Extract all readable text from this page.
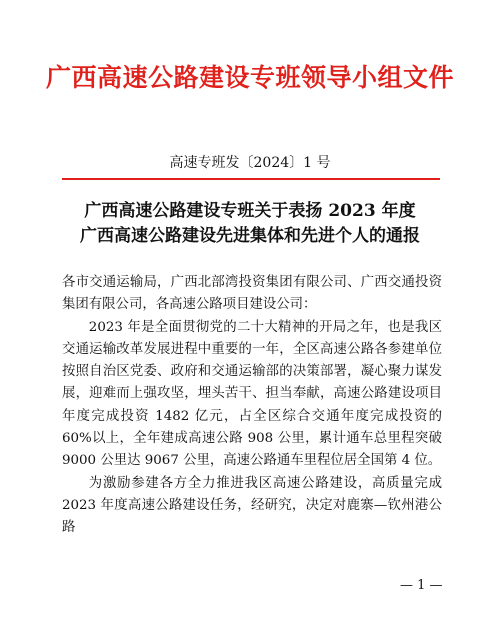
广西高速公路建设专班领导小组文件
高速专班发〔2024〕1 号
广西高速公路建设专班关于表扬 2023 年度
广西高速公路建设先进集体和先进个人的通报

各市交通运输局，广西北部湾投资集团有限公司、广西交通投资集团有限公司，各高速公路项目建设公司：

2023 年是全面贯彻党的二十大精神的开局之年，也是我区交通运输改革发展进程中重要的一年，全区高速公路各参建单位按照自治区党委、政府和交通运输部的决策部署，凝心聚力谋发展，迎难而上强攻坚，埋头苦干、担当奉献，高速公路建设项目年度完成投资 1482 亿元，占全区综合交通年度完成投资的 60%以上，全年建成高速公路 908 公里，累计通车总里程突破 9000 公里达 9067 公里，高速公路通车里程位居全国第 4 位。

为激励参建各方全力推进我区高速公路建设，高质量完成 2023 年度高速公路建设任务，经研究，决定对鹿寨—钦州港公路

— 1 —
